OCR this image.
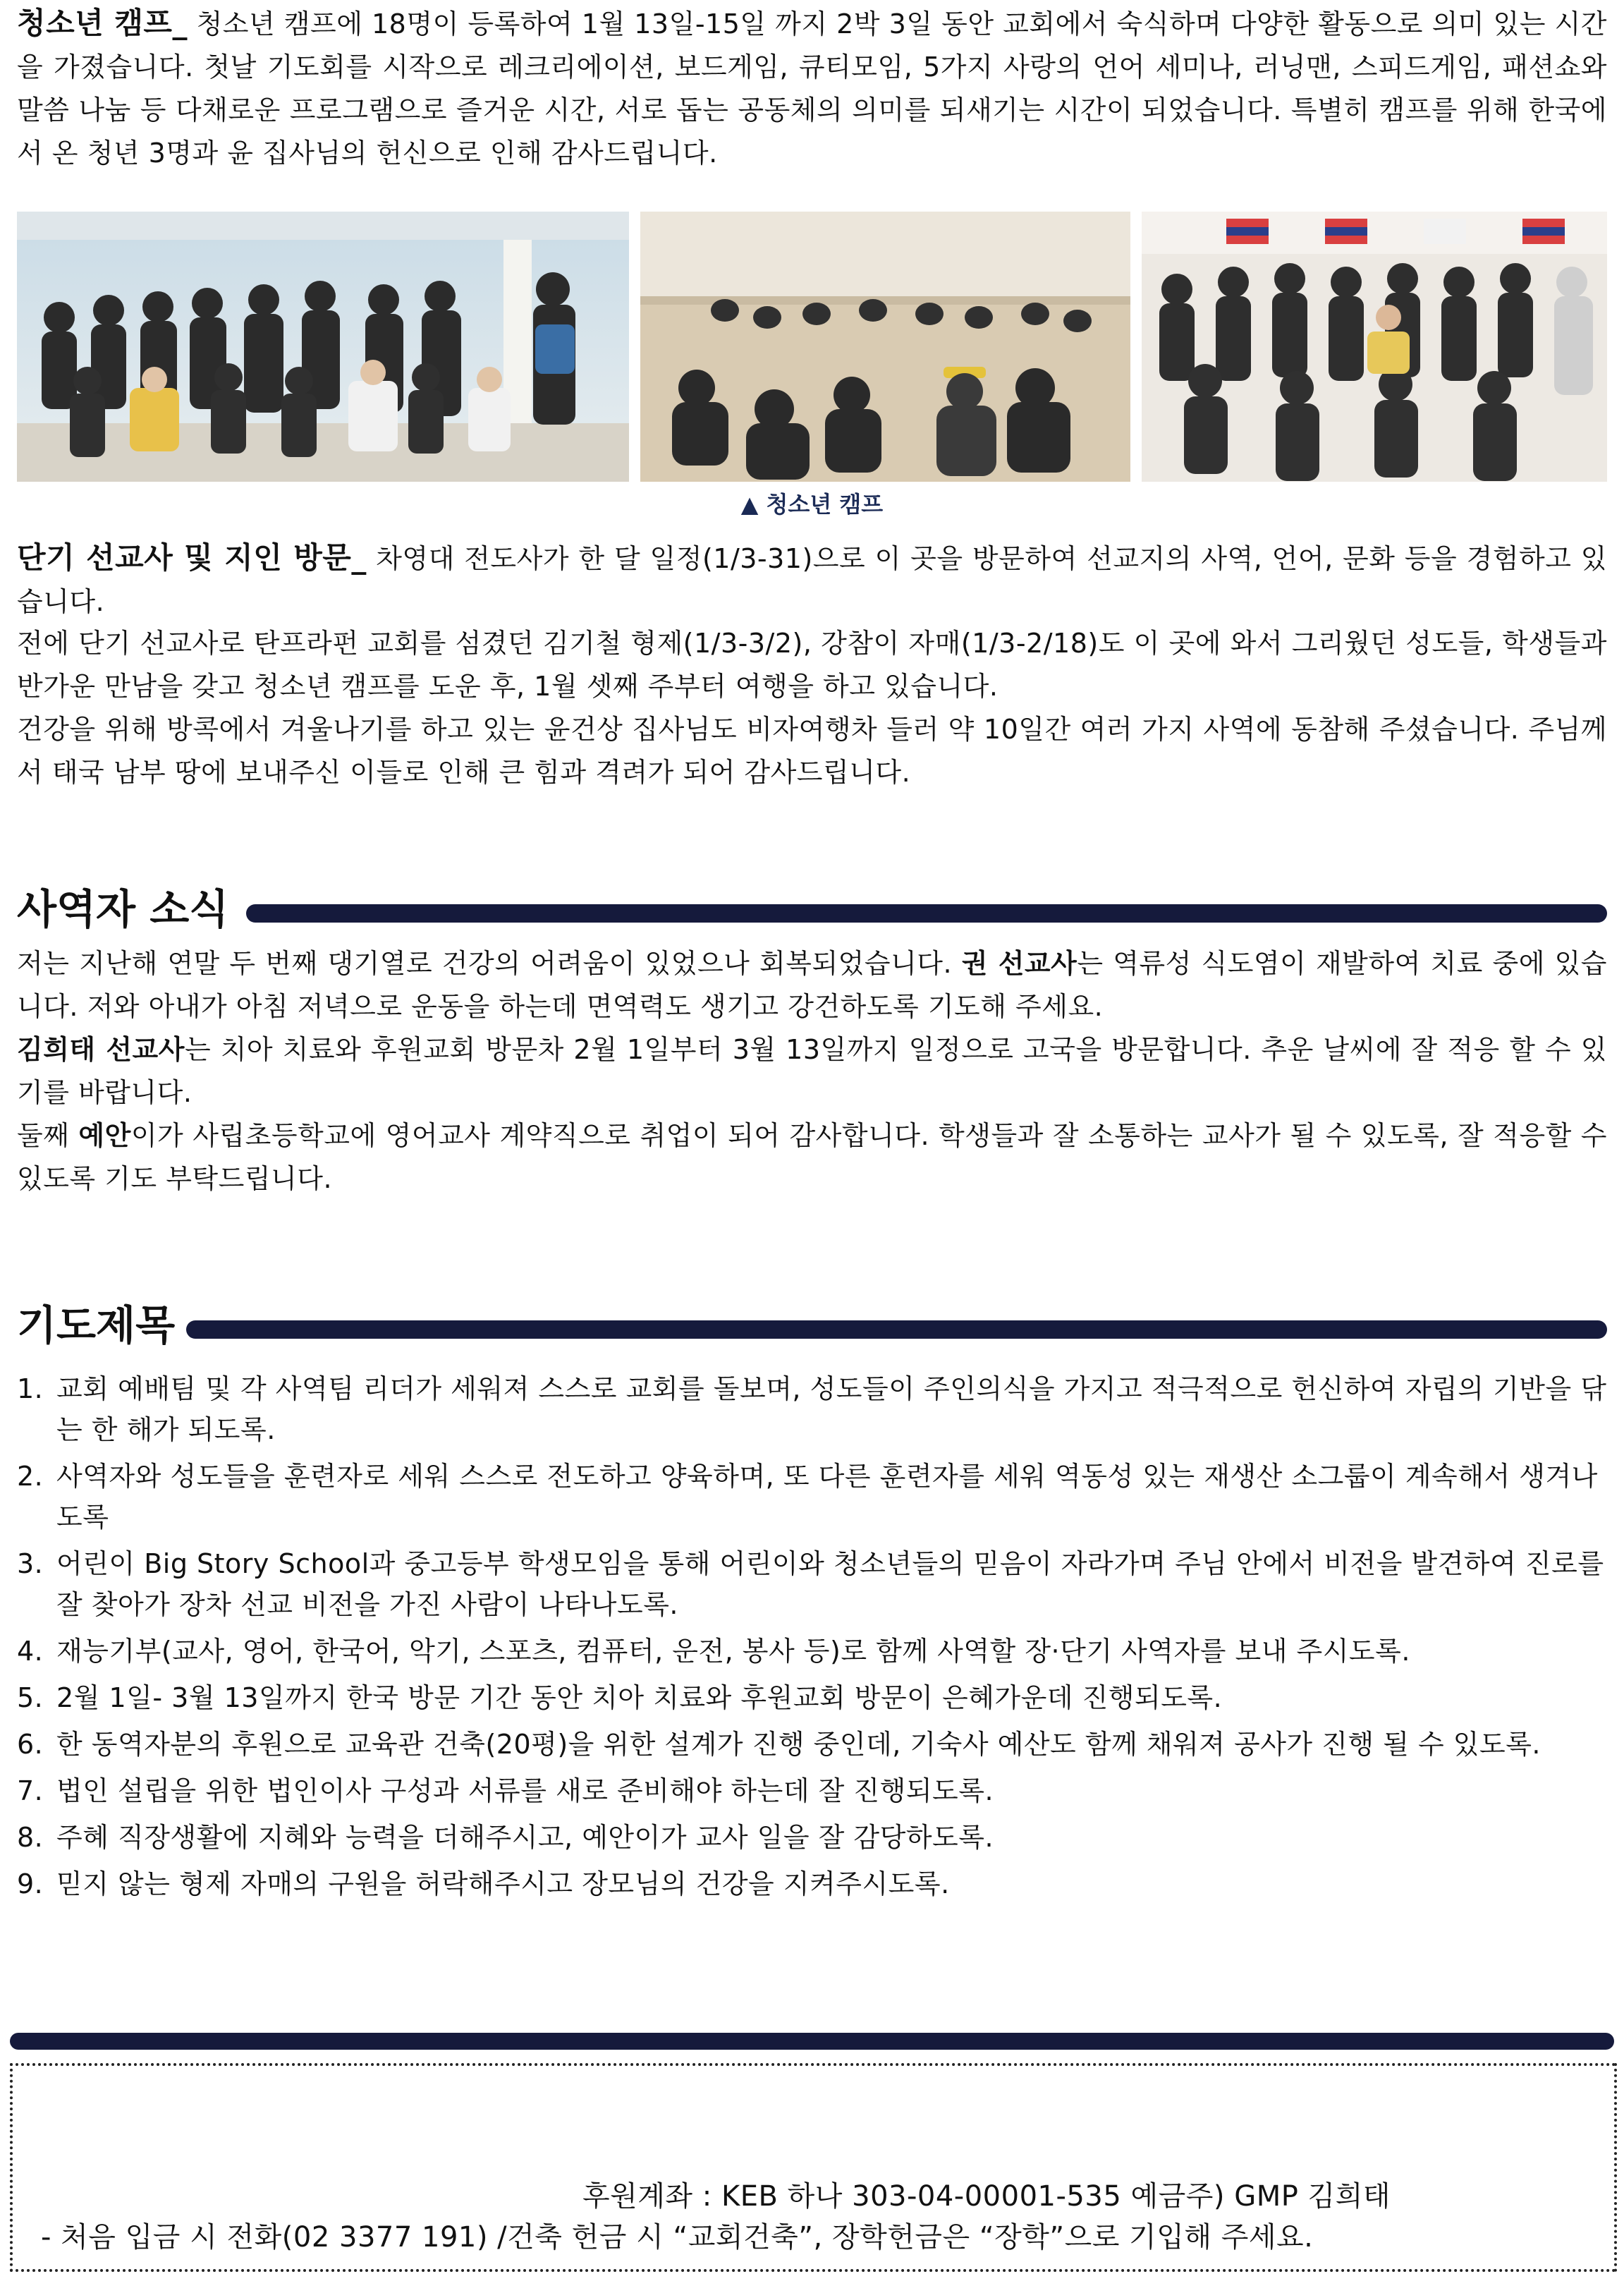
청소년 캠프_ 청소년 캠프에 18명이 등록하여 1월 13일-15일 까지 2박 3일 동안 교회에서 숙식하며 다양한 활동으로 의미 있는 시간을 가졌습니다. 첫날 기도회를 시작으로 레크리에이션, 보드게임, 큐티모임, 5가지 사랑의 언어 세미나, 러닝맨, 스피드게임, 패션쇼와 말씀 나눔 등 다채로운 프로그램으로 즐거운 시간, 서로 돕는 공동체의 의미를 되새기는 시간이 되었습니다. 특별히 캠프를 위해 한국에서 온 청년 3명과 윤 집사님의 헌신으로 인해 감사드립니다.

▲ 청소년 캠프

단기 선교사 및 지인 방문_ 차영대 전도사가 한 달 일정(1/3-31)으로 이 곳을 방문하여 선교지의 사역, 언어, 문화 등을 경험하고 있습니다.

전에 단기 선교사로 탄프라펀 교회를 섬겼던 김기철 형제(1/3-3/2), 강참이 자매(1/3-2/18)도 이 곳에 와서 그리웠던 성도들, 학생들과 반가운 만남을 갖고 청소년 캠프를 도운 후, 1월 셋째 주부터 여행을 하고 있습니다.

건강을 위해 방콕에서 겨울나기를 하고 있는 윤건상 집사님도 비자여행차 들러 약 10일간 여러 가지 사역에 동참해 주셨습니다. 주님께서 태국 남부 땅에 보내주신 이들로 인해 큰 힘과 격려가 되어 감사드립니다.

사역자 소식

저는 지난해 연말 두 번째 댕기열로 건강의 어려움이 있었으나 회복되었습니다. 권 선교사는 역류성 식도염이 재발하여 치료 중에 있습니다. 저와 아내가 아침 저녁으로 운동을 하는데 면역력도 생기고 강건하도록 기도해 주세요.

김희태 선교사는 치아 치료와 후원교회 방문차 2월 1일부터 3월 13일까지 일정으로 고국을 방문합니다. 추운 날씨에 잘 적응 할 수 있기를 바랍니다.

둘째 예안이가 사립초등학교에 영어교사 계약직으로 취업이 되어 감사합니다. 학생들과 잘 소통하는 교사가 될 수 있도록, 잘 적응할 수 있도록 기도 부탁드립니다.

기도제목
1. 교회 예배팀 및 각 사역팀 리더가 세워져 스스로 교회를 돌보며, 성도들이 주인의식을 가지고 적극적으로 헌신하여 자립의 기반을 닦는 한 해가 되도록.
2. 사역자와 성도들을 훈련자로 세워 스스로 전도하고 양육하며, 또 다른 훈련자를 세워 역동성 있는 재생산 소그룹이 계속해서 생겨나도록
3. 어린이 Big Story School과 중고등부 학생모임을 통해 어린이와 청소년들의 믿음이 자라가며 주님 안에서 비전을 발견하여 진로를 잘 찾아가 장차 선교 비전을 가진 사람이 나타나도록.
4. 재능기부(교사, 영어, 한국어, 악기, 스포츠, 컴퓨터, 운전, 봉사 등)로 함께 사역할 장·단기 사역자를 보내 주시도록.
5. 2월 1일- 3월 13일까지 한국 방문 기간 동안 치아 치료와 후원교회 방문이 은혜가운데 진행되도록.
6. 한 동역자분의 후원으로 교육관 건축(20평)을 위한 설계가 진행 중인데, 기숙사 예산도 함께 채워져 공사가 진행 될 수 있도록.
7. 법인 설립을 위한 법인이사 구성과 서류를 새로 준비해야 하는데 잘 진행되도록.
8. 주혜 직장생활에 지혜와 능력을 더해주시고, 예안이가 교사 일을 잘 감당하도록.
9. 믿지 않는 형제 자매의 구원을 허락해주시고 장모님의 건강을 지켜주시도록.
후원계좌 : KEB 하나 303-04-00001-535 예금주) GMP 김희태
- 처음 입금 시 전화(02 3377 191) /건축 헌금 시 “교회건축”, 장학헌금은 “장학”으로 기입해 주세요.
